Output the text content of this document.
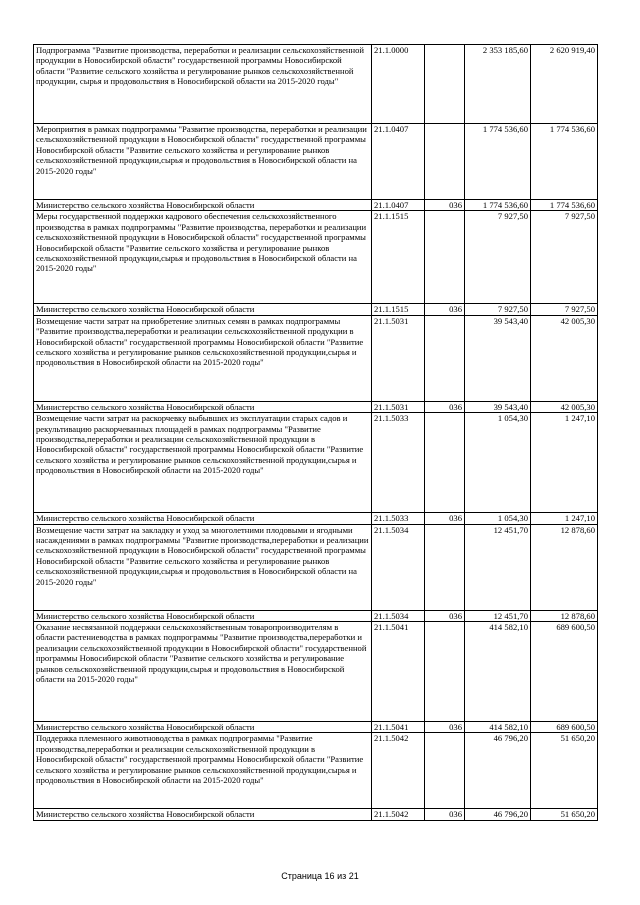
Подпрограмма "Развитие производства, переработки и реализации сельскохозяйственной продукции в Новосибирской области" государственной программы Новосибирской области "Развитие сельского хозяйства и регулирование рынков сельскохозяйственной продукции, сырья и продовольствия в Новосибирской области на 2015-2020 годы"	21.1.0000		2 353 185,60	2 620 919,40
Мероприятия в рамках подпрограммы "Развитие производства, переработки и реализации сельскохозяйственной продукции в Новосибирской области" государственной программы Новосибирской области "Развитие сельского хозяйства и регулирование рынков сельскохозяйственной продукции,сырья и продовольствия в Новосибирской области на 2015-2020 годы"	21.1.0407		1 774 536,60	1 774 536,60
Министерство сельского хозяйства Новосибирской области	21.1.0407	036	1 774 536,60	1 774 536,60
Меры государственной поддержки кадрового обеспечения сельскохозяйственного производства в рамках подпрограммы "Развитие производства, переработки и реализации сельскохозяйственной продукции в Новосибирской области" государственной программы Новосибирской области "Развитие сельского хозяйства и регулирование рынков сельскохозяйственной продукции,сырья и продовольствия в Новосибирской области на 2015-2020 годы"	21.1.1515		7 927,50	7 927,50
Министерство сельского хозяйства Новосибирской области	21.1.1515	036	7 927,50	7 927,50
Возмещение части затрат на приобретение элитных семян в рамках подпрограммы "Развитие производства,переработки и реализации сельскохозяйственной продукции в Новосибирской области" государственной программы Новосибирской области "Развитие сельского хозяйства и регулирование рынков сельскохозяйственной продукции,сырья и продовольствия в Новосибирской области на 2015-2020 годы"	21.1.5031		39 543,40	42 005,30
Министерство сельского хозяйства Новосибирской области	21.1.5031	036	39 543,40	42 005,30
Возмещение части затрат на раскорчевку выбывших из эксплуатации старых садов и рекультивацию раскорчеванных площадей в рамках подпрограммы "Развитие производства,переработки и реализации сельскохозяйственной продукции в Новосибирской области" государственной программы Новосибирской области "Развитие сельского хозяйства и регулирование рынков сельскохозяйственной продукции,сырья и продовольствия в Новосибирской области на 2015-2020 годы"	21.1.5033		1 054,30	1 247,10
Министерство сельского хозяйства Новосибирской области	21.1.5033	036	1 054,30	1 247,10
Возмещение части затрат на закладку и уход за многолетними плодовыми и ягодными насаждениями в рамках подпрограммы "Развитие производства,переработки и реализации сельскохозяйственной продукции в Новосибирской области" государственной программы Новосибирской области "Развитие сельского хозяйства и регулирование рынков сельскохозяйственной продукции,сырья и продовольствия в Новосибирской области на 2015-2020 годы"	21.1.5034		12 451,70	12 878,60
Министерство сельского хозяйства Новосибирской области	21.1.5034	036	12 451,70	12 878,60
Оказание несвязанной поддержки сельскохозяйственным товаропроизводителям в области растениеводства в рамках подпрограммы "Развитие производства,переработки и реализации сельскохозяйственной продукции в Новосибирской области" государственной программы Новосибирской области "Развитие сельского хозяйства и регулирование рынков сельскохозяйственной продукции,сырья и продовольствия в Новосибирской области на 2015-2020 годы"	21.1.5041		414 582,10	689 600,50
Министерство сельского хозяйства Новосибирской области	21.1.5041	036	414 582,10	689 600,50
Поддержка племенного животноводства в рамках подпрограммы "Развитие производства,переработки и реализации сельскохозяйственной продукции в Новосибирской области" государственной программы Новосибирской области "Развитие сельского хозяйства и регулирование рынков сельскохозяйственной продукции,сырья и продовольствия в Новосибирской области на 2015-2020 годы"	21.1.5042		46 796,20	51 650,20
Министерство сельского хозяйства Новосибирской области	21.1.5042	036	46 796,20	51 650,20
Страница 16 из 21
